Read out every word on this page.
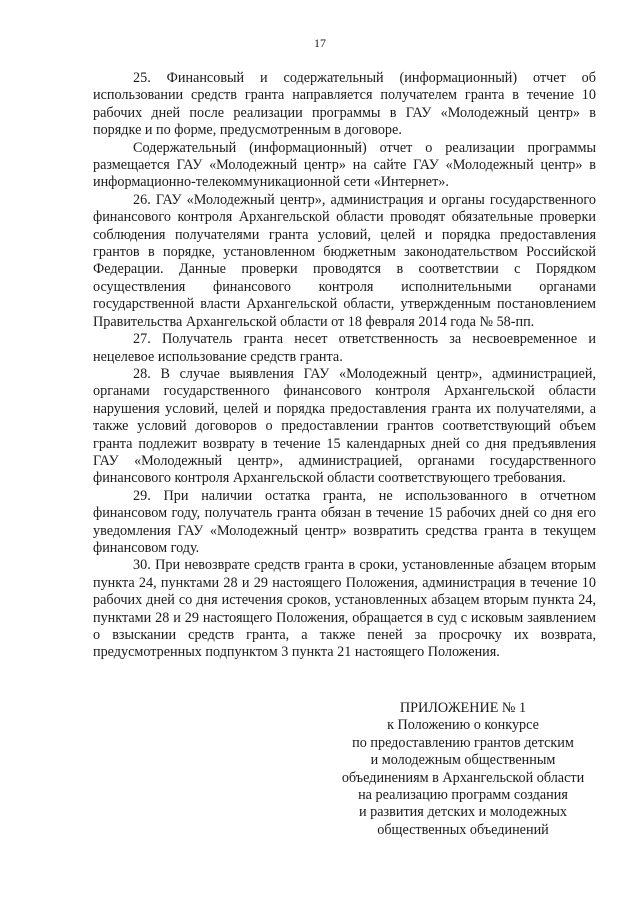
17

25. Финансовый и содержательный (информационный) отчет об использовании средств гранта направляется получателем гранта в течение 10 рабочих дней после реализации программы в ГАУ «Молодежный центр» в порядке и по форме, предусмотренным в договоре.

Содержательный (информационный) отчет о реализации программы размещается ГАУ «Молодежный центр» на сайте ГАУ «Молодежный центр» в информационно-телекоммуникационной сети «Интернет».

26. ГАУ «Молодежный центр», администрация и органы государственного финансового контроля Архангельской области проводят обязательные проверки соблюдения получателями гранта условий, целей и порядка предоставления грантов в порядке, установленном бюджетным законодательством Российской Федерации. Данные проверки проводятся в соответствии с Порядком осуществления финансового контроля исполнительными органами государственной власти Архангельской области, утвержденным постановлением Правительства Архангельской области от 18 февраля 2014 года № 58-пп.

27. Получатель гранта несет ответственность за несвоевременное и нецелевое использование средств гранта.

28. В случае выявления ГАУ «Молодежный центр», администрацией, органами государственного финансового контроля Архангельской области нарушения условий, целей и порядка предоставления гранта их получателями, а также условий договоров о предоставлении грантов соответствующий объем гранта подлежит возврату в течение 15 календарных дней со дня предъявления ГАУ «Молодежный центр», администрацией, органами государственного финансового контроля Архангельской области соответствующего требования.

29. При наличии остатка гранта, не использованного в отчетном финансовом году, получатель гранта обязан в течение 15 рабочих дней со дня его уведомления ГАУ «Молодежный центр» возвратить средства гранта в текущем финансовом году.

30. При невозврате средств гранта в сроки, установленные абзацем вторым пункта 24, пунктами 28 и 29 настоящего Положения, администрация в течение 10 рабочих дней со дня истечения сроков, установленных абзацем вторым пункта 24, пунктами 28 и 29 настоящего Положения, обращается в суд с исковым заявлением о взыскании средств гранта, а также пеней за просрочку их возврата, предусмотренных подпунктом 3 пункта 21 настоящего Положения.

ПРИЛОЖЕНИЕ № 1
к Положению о конкурсе
по предоставлению грантов детским
и молодежным общественным
объединениям в Архангельской области
на реализацию программ создания
и развития детских и молодежных
общественных объединений
